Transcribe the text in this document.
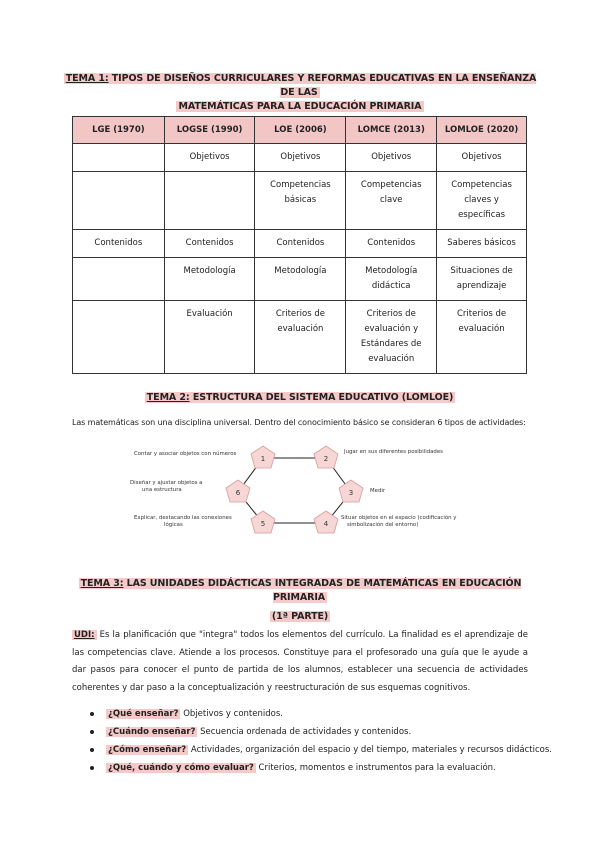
TEMA 1: TIPOS DE DISEÑOS CURRICULARES Y REFORMAS EDUCATIVAS EN LA ENSEÑANZA DE LAS
MATEMÁTICAS PARA LA EDUCACIÓN PRIMARIA
LGE (1970)	LOGSE (1990)	LOE (2006)	LOMCE (2013)	LOMLOE (2020)
	Objetivos	Objetivos	Objetivos	Objetivos
		Competencias básicas	Competencias clave	Competencias claves y específicas
Contenidos	Contenidos	Contenidos	Contenidos	Saberes básicos
	Metodología	Metodología	Metodología didáctica	Situaciones de aprendizaje
	Evaluación	Criterios de evaluación	Criterios de evaluación y Estándares de evaluación	Criterios de evaluación
TEMA 2: ESTRUCTURA DEL SISTEMA EDUCATIVO (LOMLOE)
Las matemáticas son una disciplina universal. Dentro del conocimiento básico se consideran 6 tipos de actividades:
1	2
3
4
5
6
Contar y asociar objetos con números	Jugar en sus diferentes posibilidades
Medir
Situar objetos en el espacio (codificación y
simbolización del entorno)
Explicar, destacando las conexiones
lógicas
Diseñar y ajustar objetos a
una estructura
TEMA 3: LAS UNIDADES DIDÁCTICAS INTEGRADAS DE MATEMÁTICAS EN EDUCACIÓN PRIMARIA
(1ª PARTE)
UDI: Es la planificación que "integra" todos los elementos del currículo. La finalidad es el aprendizaje de las competencias clave. Atiende a los procesos. Constituye para el profesorado una guía que le ayude a dar pasos para conocer el punto de partida de los alumnos, establecer una secuencia de actividades coherentes y dar paso a la conceptualización y reestructuración de sus esquemas cognitivos.
¿Qué enseñar? Objetivos y contenidos.
¿Cuándo enseñar? Secuencia ordenada de actividades y contenidos.
¿Cómo enseñar? Actividades, organización del espacio y del tiempo, materiales y recursos didácticos.
¿Qué, cuándo y cómo evaluar? Criterios, momentos e instrumentos para la evaluación.
